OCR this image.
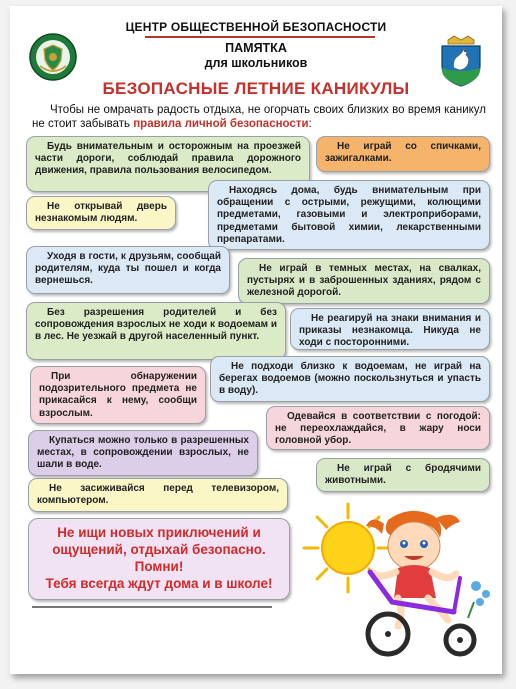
ЦЕНТР ОБЩЕСТВЕННОЙ БЕЗОПАСНОСТИ
ПАМЯТКА
для школьников
БЕЗОПАСНЫЕ ЛЕТНИЕ КАНИКУЛЫ
Чтобы не омрачать радость отдыха, не огорчать своих близких во время каникул не стоит забывать правила личной безопасности:
Будь внимательным и осторожным на проезжей части дороги, соблюдай правила дорожного движения, правила пользования велосипедом.
Не играй со спичками, зажигалками.
Находясь дома, будь внимательным при обращении с острыми, режущими, колющими предметами, газовыми и электроприборами, предметами бытовой химии, лекарственными препаратами.
Не открывай дверь незнакомым людям.
Уходя в гости, к друзьям, сообщай родителям, куда ты пошел и когда вернешься.
Не играй в темных местах, на свалках, пустырях и в заброшенных зданиях, рядом с железной дорогой.
Без разрешения родителей и без сопровождения взрослых не ходи к водоемам и в лес. Не уезжай в другой населенный пункт.
Не реагируй на знаки внимания и приказы незнакомца. Никуда не ходи с посторонними.
При обнаружении подозрительного предмета не прикасайся к нему, сообщи взрослым.
Не подходи близко к водоемам, не играй на берегах водоемов (можно поскользнуться и упасть в воду).
Одевайся в соответствии с погодой: не переохлаждайся, в жару носи головной убор.
Купаться можно только в разрешенных местах, в сопровождении взрослых, не шали в воде.	Не играй с бродячими животными.
Не засиживайся перед телевизором, компьютером.
Не ищи новых приключений и
ощущений, отдыхай безопасно.
Помни!
Тебя всегда ждут дома и в школе!
